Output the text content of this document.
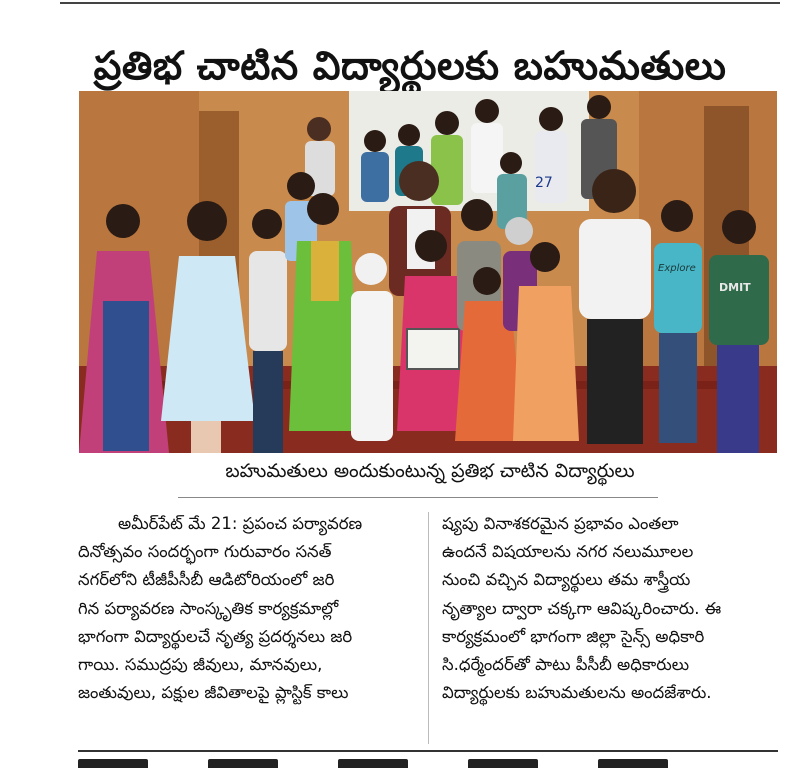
ప్రతిభ చాటిన విద్యార్థులకు బహుమతులు
27
DMIT
Explore
బహుమతులు అందుకుంటున్న ప్రతిభ చాటిన విద్యార్థులు
అమీర్‌పేట్ మే 21: ప్రపంచ పర్యావరణ
దినోత్సవం సందర్భంగా గురువారం సనత్
నగర్‌లోని టీజీపీసీబీ ఆడిటోరియంలో జరి
గిన పర్యావరణ సాంస్కృతిక కార్యక్రమాల్లో
భాగంగా విద్యార్థులచే నృత్య ప్రదర్శనలు జరి
గాయి. సముద్రపు జీవులు, మానవులు,
జంతువులు, పక్షుల జీవితాలపై ప్లాస్టిక్ కాలు
ష్యపు వినాశకరమైన ప్రభావం ఎంతలా
ఉందనే విషయాలను నగర నలుమూలల
నుంచి వచ్చిన విద్యార్థులు తమ శాస్త్రీయ
నృత్యాల ద్వారా చక్కగా ఆవిష్కరించారు. ఈ
కార్యక్రమంలో భాగంగా జిల్లా సైన్స్ అధికారి
సి.ధర్మేందర్‌తో పాటు పీసీబీ అధికారులు
విద్యార్థులకు బహుమతులను అందజేశారు.
